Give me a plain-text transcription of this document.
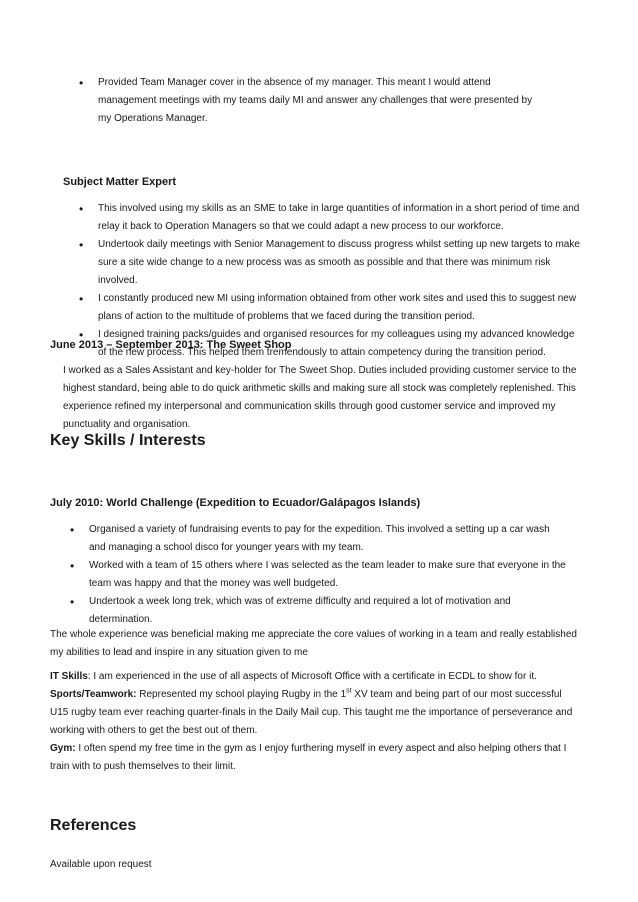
• Provided Team Manager cover in the absence of my manager. This meant I would attend management meetings with my teams daily MI and answer any challenges that were presented by my Operations Manager.
Subject Matter Expert
• This involved using my skills as an SME to take in large quantities of information in a short period of time and relay it back to Operation Managers so that we could adapt a new process to our workforce.
• Undertook daily meetings with Senior Management to discuss progress whilst setting up new targets to make sure a site wide change to a new process was as smooth as possible and that there was minimum risk involved.
• I constantly produced new MI using information obtained from other work sites and used this to suggest new plans of action to the multitude of problems that we faced during the transition period.
• I designed training packs/guides and organised resources for my colleagues using my advanced knowledge of the new process. This helped them tremendously to attain competency during the transition period.
June 2013 – September 2013: The Sweet Shop
I worked as a Sales Assistant and key-holder for The Sweet Shop. Duties included providing customer service to the highest standard, being able to do quick arithmetic skills and making sure all stock was completely replenished. This experience refined my interpersonal and communication skills through good customer service and improved my punctuality and organisation.
Key Skills / Interests
July 2010: World Challenge (Expedition to Ecuador/Galápagos Islands)
• Organised a variety of fundraising events to pay for the expedition. This involved a setting up a car wash and managing a school disco for younger years with my team.
• Worked with a team of 15 others where I was selected as the team leader to make sure that everyone in the team was happy and that the money was well budgeted.
• Undertook a week long trek, which was of extreme difficulty and required a lot of motivation and determination.
The whole experience was beneficial making me appreciate the core values of working in a team and really established my abilities to lead and inspire in any situation given to me
IT Skills: I am experienced in the use of all aspects of Microsoft Office with a certificate in ECDL to show for it.
Sports/Teamwork: Represented my school playing Rugby in the 1st XV team and being part of our most successful U15 rugby team ever reaching quarter-finals in the Daily Mail cup. This taught me the importance of perseverance and working with others to get the best out of them.
Gym: I often spend my free time in the gym as I enjoy furthering myself in every aspect and also helping others that I train with to push themselves to their limit.
References
Available upon request
